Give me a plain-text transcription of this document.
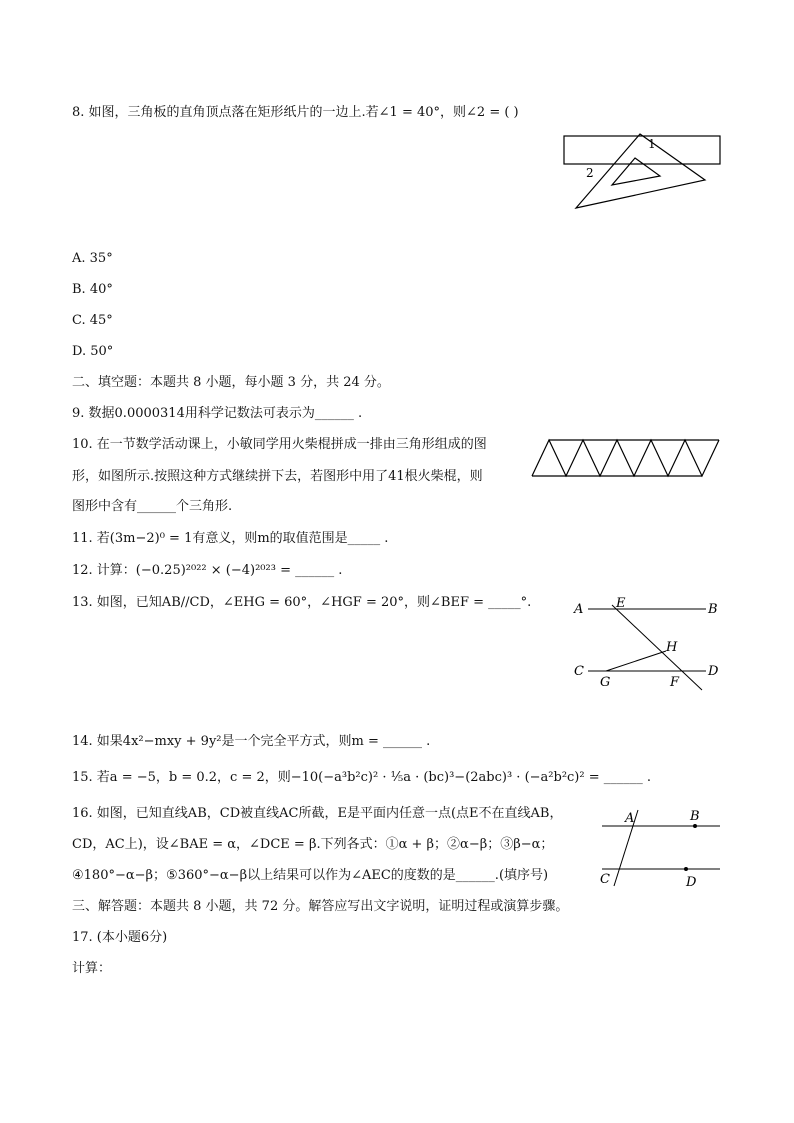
8. 如图，三角板的直角顶点落在矩形纸片的一边上.若∠1 = 40°，则∠2 = ( )
1
2
A. 35°
B. 40°
C. 45°
D. 50°
二、填空题：本题共 8 小题，每小题 3 分，共 24 分。
9. 数据0.0000314用科学记数法可表示为______ .
10. 在一节数学活动课上，小敏同学用火柴棍拼成一排由三角形组成的图
形，如图所示.按照这种方式继续拼下去，若图形中用了41根火柴棍，则
图形中含有______个三角形.
11. 若(3m−2)⁰ = 1有意义，则m的取值范围是_____ .
12. 计算：(−0.25)²⁰²² × (−4)²⁰²³ = ______ .
13. 如图，已知AB//CD，∠EHG = 60°，∠HGF = 20°，则∠BEF = _____°.	A	E	B
H
C
G	F
D
14. 如果4x²−mxy + 9y²是一个完全平方式，则m = ______ .
15. 若a = −5，b = 0.2，c = 2，则−10(−a³b²c)² · ⅕a · (bc)³−(2abc)³ · (−a²b²c)² = ______ .
16. 如图，已知直线AB，CD被直线AC所截，E是平面内任意一点(点E不在直线AB，
CD，AC上)，设∠BAE = α，∠DCE = β.下列各式：①α + β；②α−β；③β−α；
④180°−α−β；⑤360°−α−β以上结果可以作为∠AEC的度数的是______.(填序号)
A	B
C	D
三、解答题：本题共 8 小题，共 72 分。解答应写出文字说明，证明过程或演算步骤。
17. (本小题6分)
计算：
